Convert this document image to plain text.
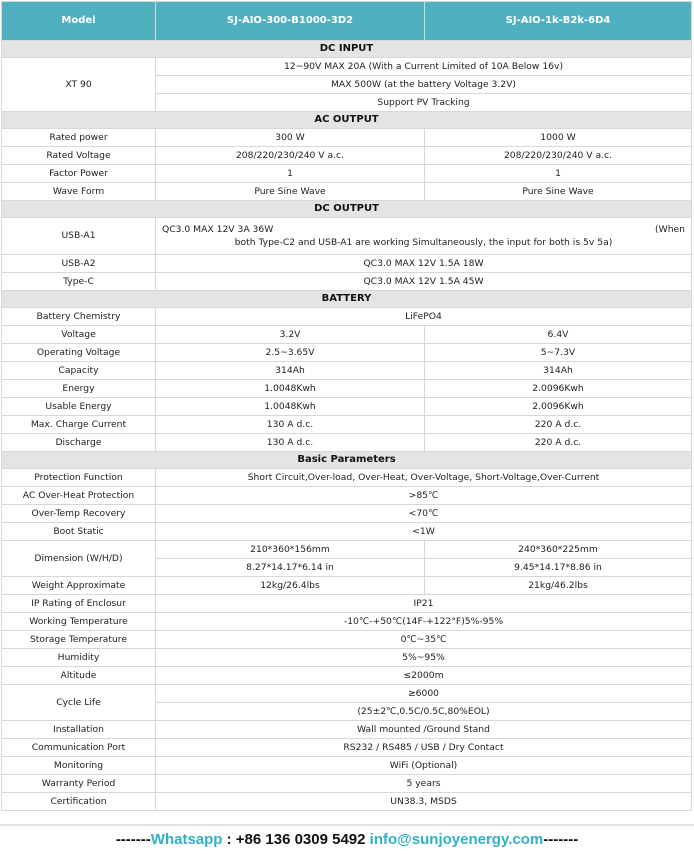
Model	SJ-AIO-300-B1000-3D2	SJ-AIO-1k-B2k-6D4
DC INPUT		
XT 90	12~90V MAX 20A (With a Current Limited of 10A Below 16v)	
	MAX 500W (at the battery Voltage 3.2V)	
	Support PV Tracking	
AC OUTPUT		
Rated power	300 W	1000 W
Rated Voltage	208/220/230/240 V a.c.	208/220/230/240 V a.c.
Factor Power	1	1
Wave Form	Pure Sine Wave	Pure Sine Wave
DC OUTPUT		
USB-A1	QC3.0 MAX 12V 3A 36W (When
both Type-C2 and USB-A1 are working Simultaneously, the input for both is 5v 5a)	

USB-A2	QC3.0 MAX 12V 1.5A 18W	
Type-C	QC3.0 MAX 12V 1.5A 45W	
BATTERY		
Battery Chemistry	LiFePO4	
Voltage	3.2V	6.4V
Operating Voltage	2.5~3.65V	5~7.3V
Capacity	314Ah	314Ah
Energy	1.0048Kwh	2.0096Kwh
Usable Energy	1.0048Kwh	2.0096Kwh
Max. Charge Current	130 A d.c.	220 A d.c.
Discharge	130 A d.c.	220 A d.c.
Basic Parameters		
Protection Function	Short Circuit,Over-load, Over-Heat, Over-Voltage, Short-Voltage,Over-Current	
AC Over-Heat Protection	>85℃	
Over-Temp Recovery	<70℃	
Boot Static	<1W	
Dimension (W/H/D)	210*360*156mm	240*360*225mm
	8.27*14.17*6.14 in	9.45*14.17*8.86 in
Weight Approximate	12kg/26.4lbs	21kg/46.2lbs
IP Rating of Enclosur	IP21	
Working Temperature	-10℃-+50℃(14F-+122°F)5%-95%	
Storage Temperature	0℃~35℃	
Humidity	5%~95%	
Altitude	≤2000m	
Cycle Life	≥6000	
	(25±2℃,0.5C/0.5C,80%EOL)	
Installation	Wall mounted /Ground Stand	
Communication Port	RS232 / RS485 / USB / Dry Contact	
Monitoring	WiFi (Optional)	
Warranty Period	5 years	
Certification	UN38.3, MSDS	
-------Whatsapp : +86 136 0309 5492 info@sunjoyenergy.com-------
